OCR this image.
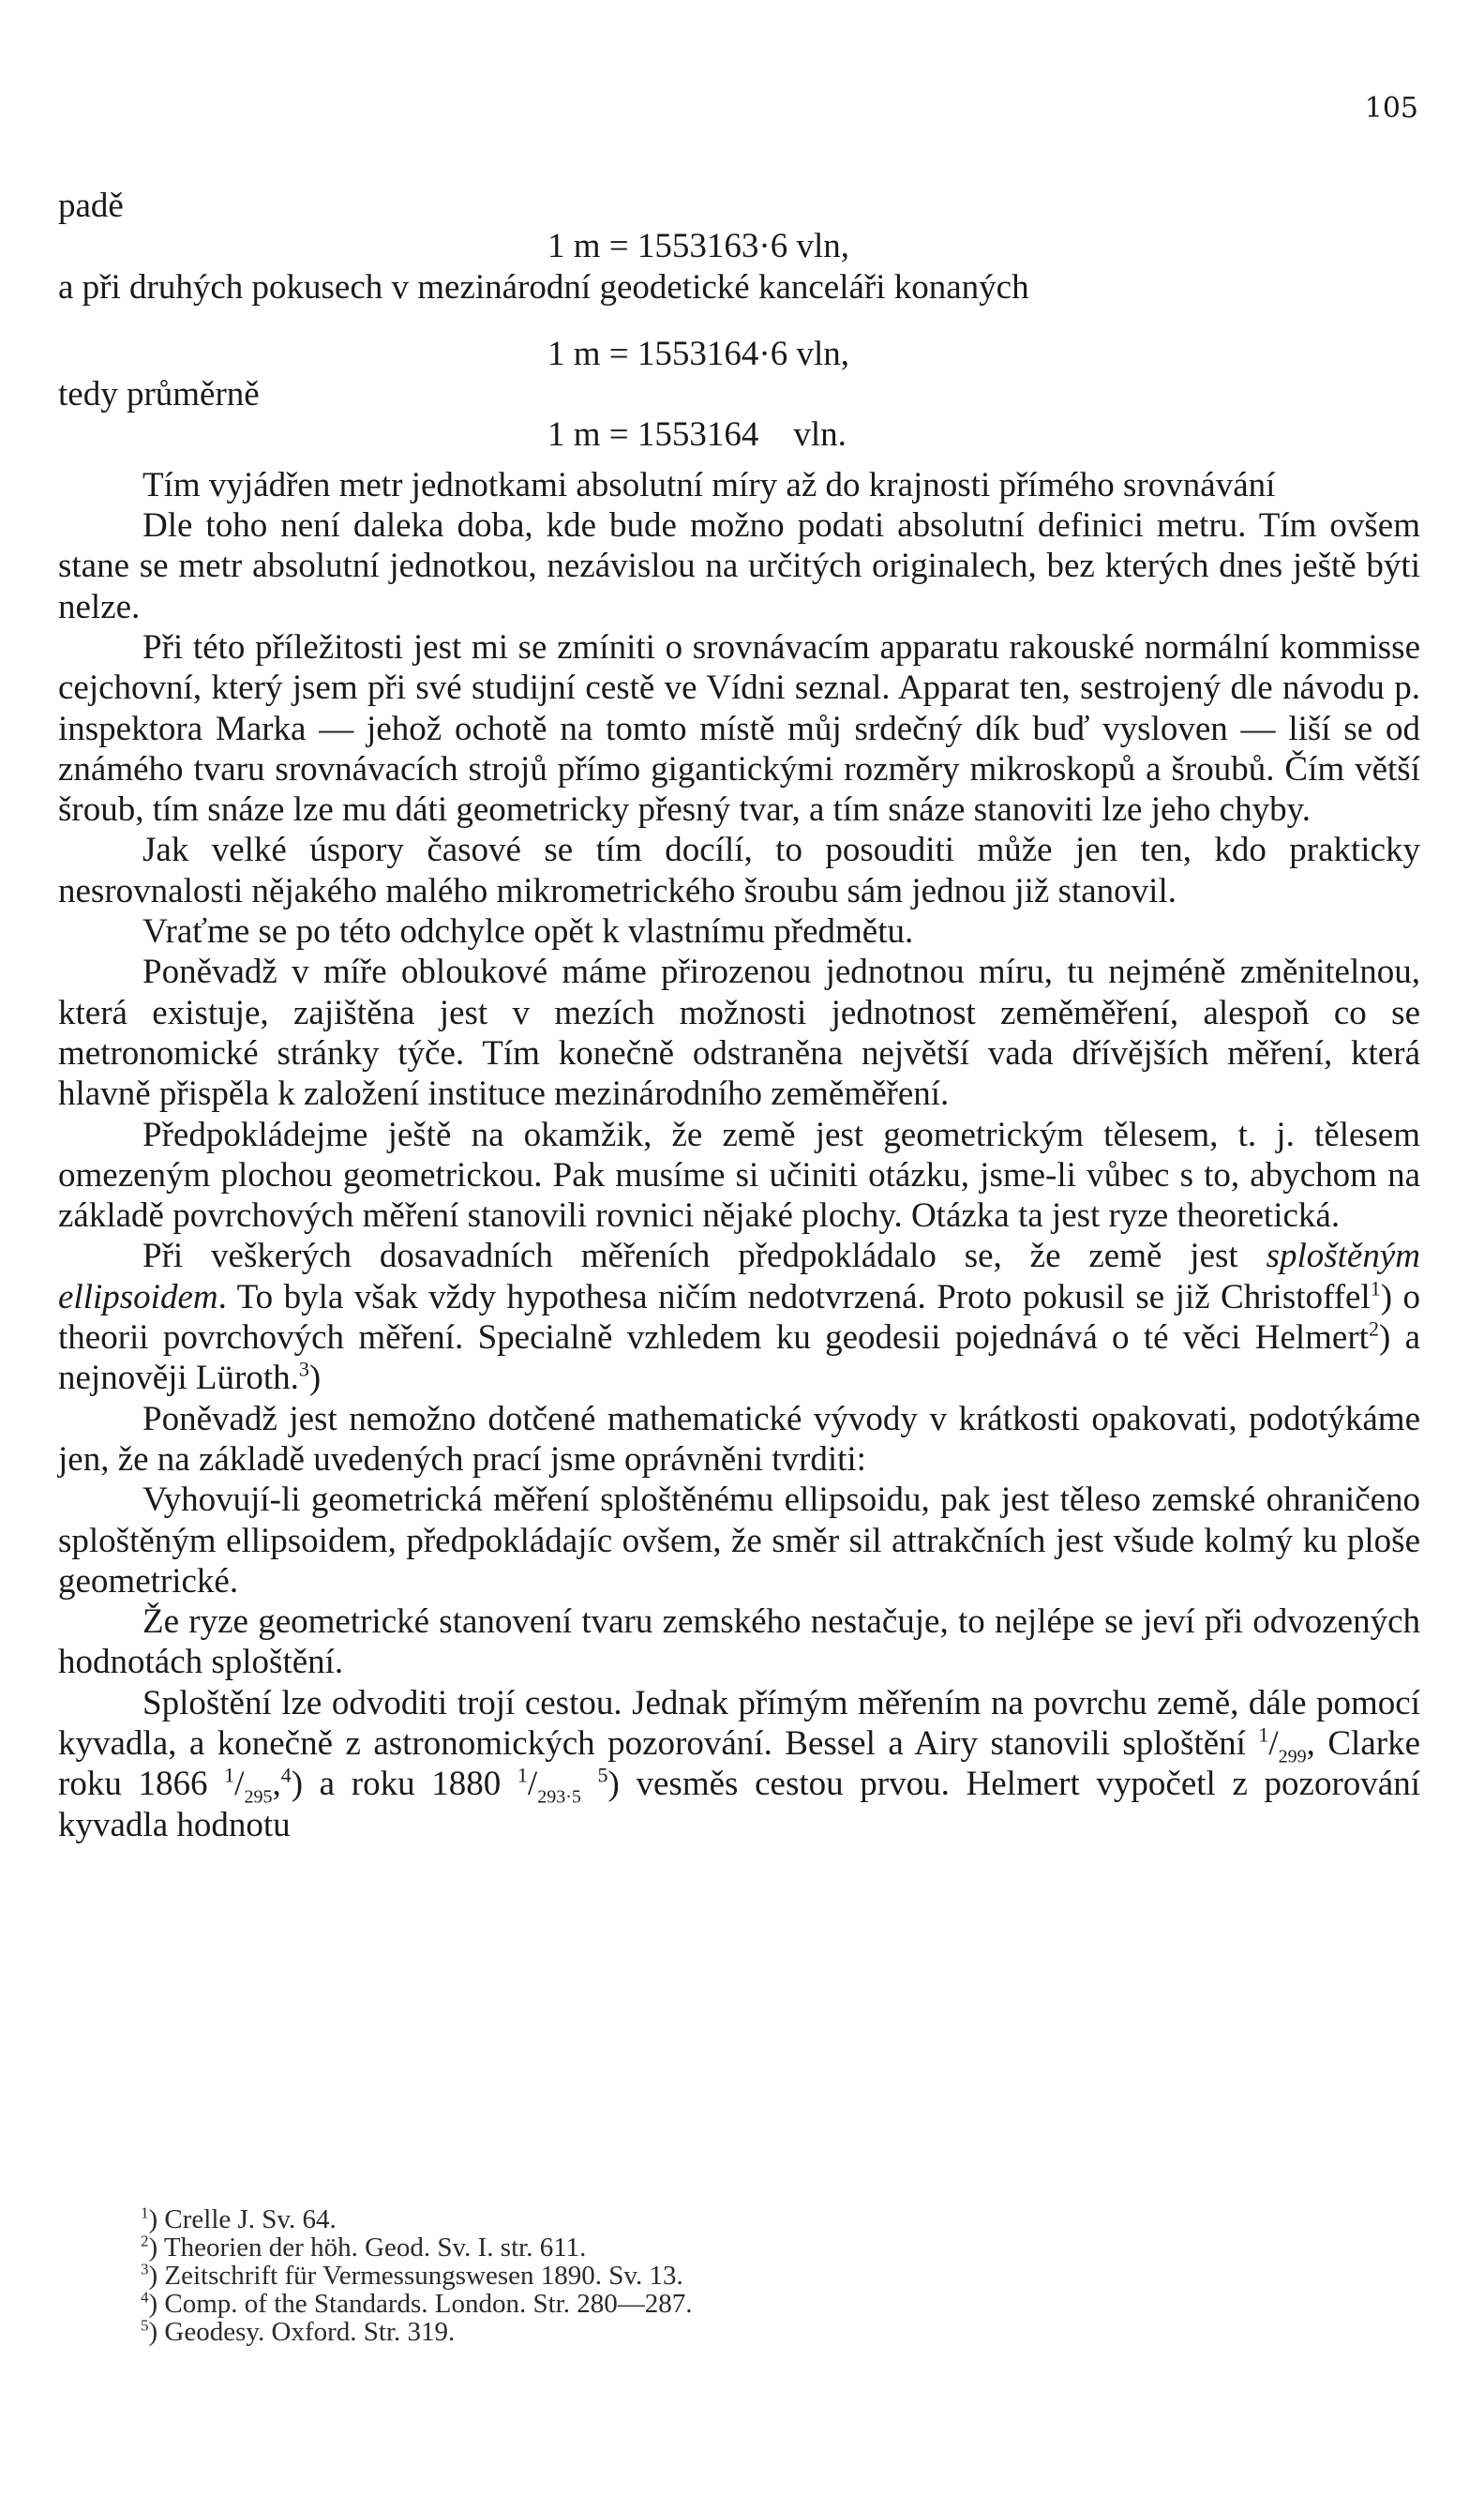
105

padě

1 m = 1553163·6 vln,

a při druhých pokusech v mezinárodní geodetické kanceláři konaných

1 m = 1553164·6 vln,

tedy průměrně

1 m = 1553164    vln.

Tím vyjádřen metr jednotkami absolutní míry až do krajnosti přímého srovnávání

Dle toho není daleka doba, kde bude možno podati absolutní definici metru. Tím ovšem stane se metr absolutní jednotkou, nezávislou na určitých originalech, bez kterých dnes ještě býti nelze.

Při této příležitosti jest mi se zmíniti o srovnávacím apparatu rakouské normální kommisse cejchovní, který jsem při své studijní cestě ve Vídni seznal. Apparat ten, sestrojený dle návodu p. inspektora Marka — jehož ochotě na tomto místě můj srdečný dík buď vysloven — liší se od známého tvaru srovnávacích strojů přímo gigantickými rozměry mikroskopů a šroubů. Čím větší šroub, tím snáze lze mu dáti geometricky přesný tvar, a tím snáze stanoviti lze jeho chyby.

Jak velké úspory časové se tím docílí, to posouditi může jen ten, kdo prakticky nesrovnalosti nějakého malého mikrometrického šroubu sám jednou již stanovil.

Vraťme se po této odchylce opět k vlastnímu předmětu.

Poněvadž v míře obloukové máme přirozenou jednotnou míru, tu nejméně změnitelnou, která existuje, zajištěna jest v mezích možnosti jednotnost zeměměření, alespoň co se metronomické stránky týče. Tím konečně odstraněna největší vada dřívějších měření, která hlavně přispěla k založení instituce mezinárodního zeměměření.

Předpokládejme ještě na okamžik, že země jest geometrickým tělesem, t. j. tělesem omezeným plochou geometrickou. Pak musíme si učiniti otázku, jsme-li vůbec s to, abychom na základě povrchových měření stanovili rovnici nějaké plochy. Otázka ta jest ryze theoretická.

Při veškerých dosavadních měřeních předpokládalo se, že země jest sploštěným ellipsoidem. To byla však vždy hypothesa ničím nedotvrzená. Proto pokusil se již Christoffel$^1$) o theorii povrchových měření. Specialně vzhledem ku geodesii pojednává o té věci Helmert$^2$) a nejnověji Lüroth.$^3$)

Poněvadž jest nemožno dotčené mathematické vývody v krátkosti opakovati, podotýkáme jen, že na základě uvedených prací jsme oprávněni tvrditi:

Vyhovují-li geometrická měření sploštěnému ellipsoidu, pak jest těleso zemské ohraničeno sploštěným ellipsoidem, předpokládajíc ovšem, že směr sil attrakčních jest všude kolmý ku ploše geometrické.

Že ryze geometrické stanovení tvaru zemského nestačuje, to nejlépe se jeví při odvozených hodnotách sploštění.

Sploštění lze odvoditi trojí cestou. Jednak přímým měřením na povrchu země, dále pomocí kyvadla, a konečně z astronomických pozorování. Bessel a Airy stanovili sploštění $^1/_{299}$, Clarke roku 1866 $^1/_{295},^4$) a roku 1880 $^1/_{293\cdot 5}$ $^5$) vesměs cestou prvou. Helmert vypočetl z pozorování kyvadla hodnotu

$^1$) Crelle J. Sv. 64.
$^2$) Theorien der höh. Geod. Sv. I. str. 611.
$^3$) Zeitschrift für Vermessungswesen 1890. Sv. 13.
$^4$) Comp. of the Standards. London. Str. 280—287.
$^5$) Geodesy. Oxford. Str. 319.
